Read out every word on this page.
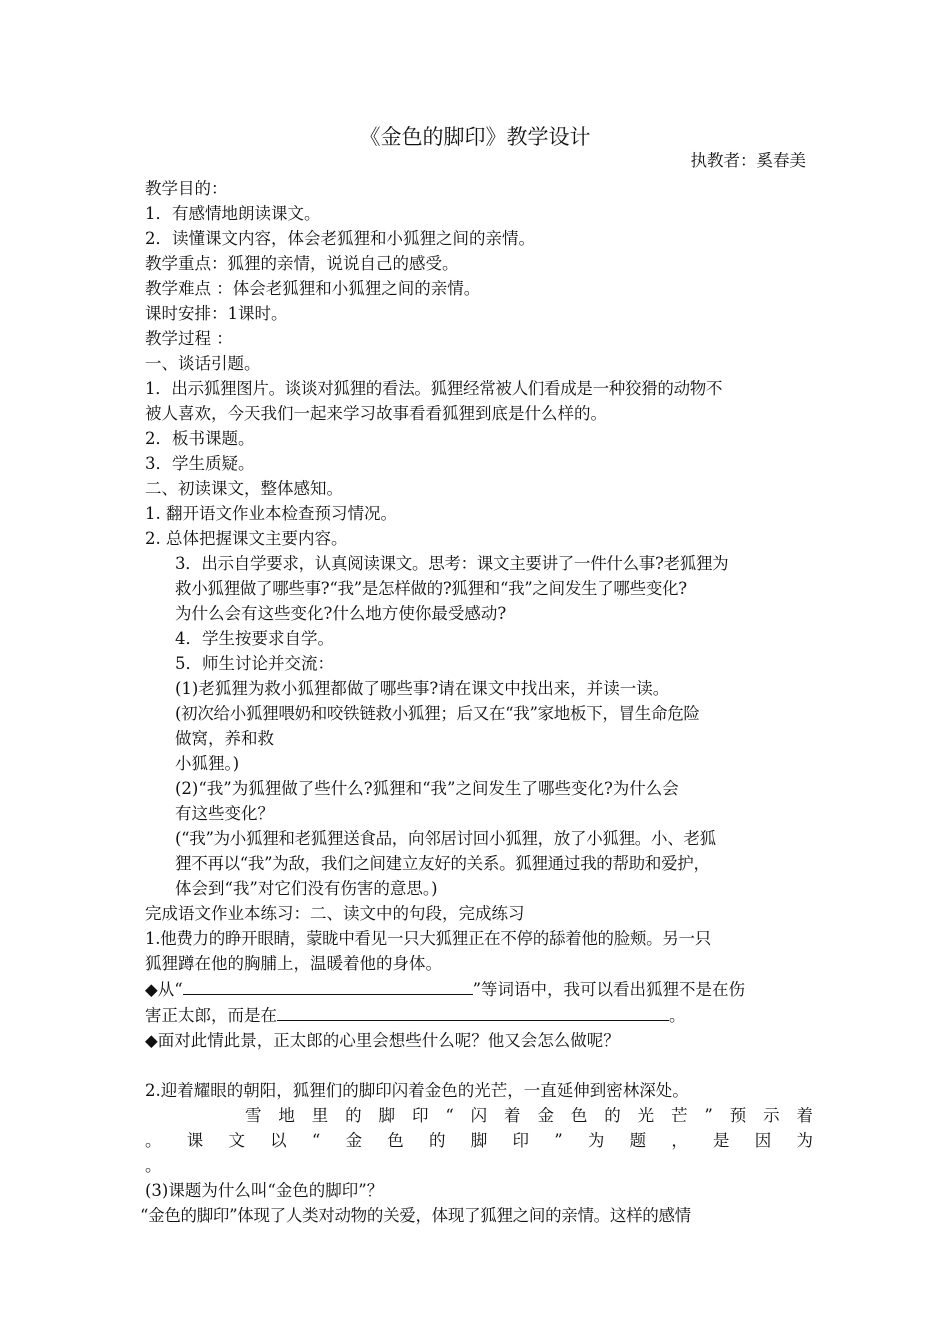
《金色的脚印》教学设计
执教者：奚春美
教学目的：
1．有感情地朗读课文。
2．读懂课文内容，体会老狐狸和小狐狸之间的亲情。
教学重点：狐狸的亲情，说说自己的感受。
教学难点 ：体会老狐狸和小狐狸之间的亲情。
课时安排：1课时。
教学过程 ：
一、谈话引题。
1．出示狐狸图片。谈谈对狐狸的看法。狐狸经常被人们看成是一种狡猾的动物不
被人喜欢，今天我们一起来学习故事看看狐狸到底是什么样的。
2．板书课题。
3．学生质疑。
二、初读课文，整体感知。
1. 翻开语文作业本检查预习情况。
2. 总体把握课文主要内容。
3．出示自学要求，认真阅读课文。思考：课文主要讲了一件什么事?老狐狸为
救小狐狸做了哪些事?“我”是怎样做的?狐狸和“我”之间发生了哪些变化?
为什么会有这些变化?什么地方使你最受感动?
4．学生按要求自学。
5．师生讨论并交流：
(1)老狐狸为救小狐狸都做了哪些事?请在课文中找出来，并读一读。
(初次给小狐狸喂奶和咬铁链救小狐狸；后又在“我”家地板下，冒生命危险
做窝，养和救
小狐狸。)
(2)“我”为狐狸做了些什么?狐狸和“我”之间发生了哪些变化?为什么会
有这些变化？
(“我”为小狐狸和老狐狸送食品，向邻居讨回小狐狸，放了小狐狸。小、老狐
狸不再以“我”为敌，我们之间建立友好的关系。狐狸通过我的帮助和爱护，
体会到“我”对它们没有伤害的意思。)
完成语文作业本练习：二、读文中的句段，完成练习
1.他费力的睁开眼睛，蒙眬中看见一只大狐狸正在不停的舔着他的脸颊。另一只
狐狸蹲在他的胸脯上，温暖着他的身体。
◆从“	”等词语中，我可以看出狐狸不是在伤
害正太郎，而是在	。
◆面对此情此景，正太郎的心里会想些什么呢？他又会怎么做呢？
2.迎着耀眼的朝阳，狐狸们的脚印闪着金色的光芒，一直延伸到密林深处。
雪地里的脚印“闪着金色的光芒”预示着
。课文以“金色的脚印”为题，是因为
。
(3)课题为什么叫“金色的脚印”？
“金色的脚印”体现了人类对动物的关爱，体现了狐狸之间的亲情。这样的感情
